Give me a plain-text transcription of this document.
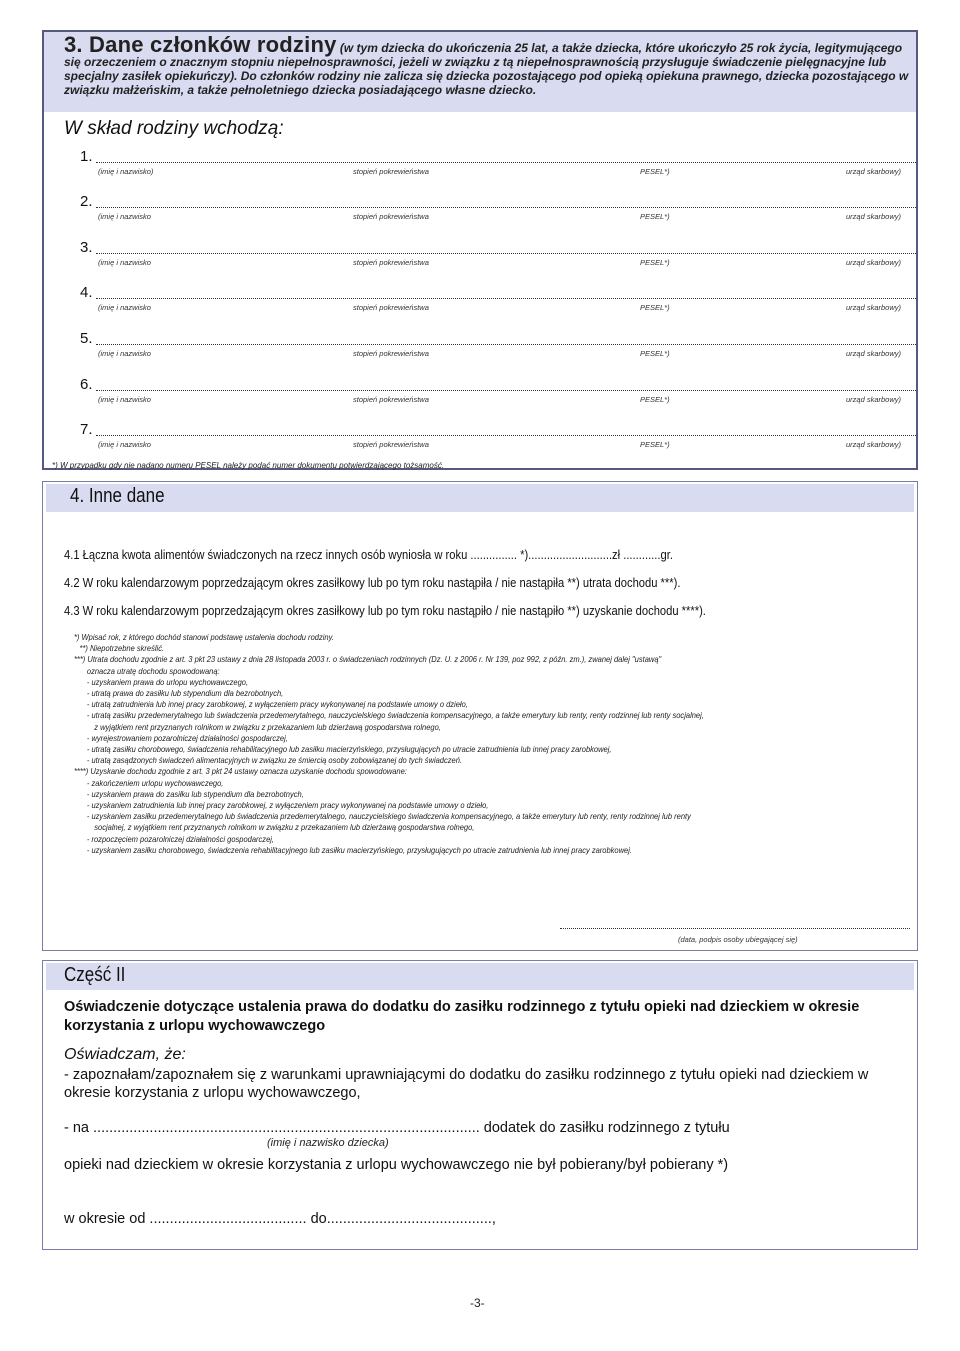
3. Dane członków rodziny (w tym dziecka do ukończenia 25 lat, a także dziecka, które ukończyło 25 rok życia, legitymującego się orzeczeniem o znacznym stopniu niepełnosprawności, jeżeli w związku z tą niepełnosprawnością przysługuje świadczenie pielęgnacyjne lub specjalny zasiłek opiekuńczy). Do członków rodziny nie zalicza się dziecka pozostającego pod opieką opiekuna prawnego, dziecka pozostającego w związku małżeńskim, a także pełnoletniego dziecka posiadającego własne dziecko.
W skład rodziny wchodzą:
1.
(imię i nazwisko)	stopień pokrewieństwa	PESEL*)	urząd skarbowy)
2.
(imię i nazwisko	stopień pokrewieństwa	PESEL*)	urząd skarbowy)
3.
(imię i nazwisko	stopień pokrewieństwa	PESEL*)	urząd skarbowy)
4.
(imię i nazwisko	stopień pokrewieństwa	PESEL*)	urząd skarbowy)
5.
(imię i nazwisko	stopień pokrewieństwa	PESEL*)	urząd skarbowy)
6.
(imię i nazwisko	stopień pokrewieństwa	PESEL*)	urząd skarbowy)
7.
(imię i nazwisko	stopień pokrewieństwa	PESEL*)	urząd skarbowy)
*) W przypadku gdy nie nadano numeru PESEL należy podać numer dokumentu potwierdzającego tożsamość.
4. Inne dane
4.1 Łączna kwota alimentów świadczonych na rzecz innych osób wyniosła w roku ............... *)...........................zł ............gr.
4.2 W roku kalendarzowym poprzedzającym okres zasiłkowy lub po tym roku nastąpiła / nie nastąpiła **) utrata dochodu ***).
4.3 W roku kalendarzowym poprzedzającym okres zasiłkowy lub po tym roku nastąpiło / nie nastąpiło **) uzyskanie dochodu ****).
*) Wpisać rok, z którego dochód stanowi podstawę ustalenia dochodu rodziny.
**) Niepotrzebne skreślić.
***) Utrata dochodu zgodnie z art. 3 pkt 23 ustawy z dnia 28 listopada 2003 r. o świadczeniach rodzinnych (Dz. U. z 2006 r. Nr 139, poz 992, z późn. zm.), zwanej dalej "ustawą"
oznacza utratę dochodu spowodowaną:
- uzyskaniem prawa do urlopu wychowawczego,
- utratą prawa do zasiłku lub stypendium dla bezrobotnych,
- utratą zatrudnienia lub innej pracy zarobkowej, z wyłączeniem pracy wykonywanej na podstawie umowy o dzieło,
- utratą zasiłku przedemerytalnego lub świadczenia przedemerytalnego, nauczycielskiego świadczenia kompensacyjnego, a także emerytury lub renty, renty rodzinnej lub renty socjalnej,
z wyjątkiem rent przyznanych rolnikom w związku z przekazaniem lub dzierżawą gospodarstwa rolnego,
- wyrejestrowaniem pozarolniczej działalności gospodarczej,
- utratą zasiłku chorobowego, świadczenia rehabilitacyjnego lub zasiłku macierzyńskiego, przysługujących po utracie zatrudnienia lub innej pracy zarobkowej,
- utratą zasądzonych świadczeń alimentacyjnych w związku ze śmiercią osoby zobowiązanej do tych świadczeń.
****) Uzyskanie dochodu zgodnie z art. 3 pkt 24 ustawy oznacza uzyskanie dochodu spowodowane:
- zakończeniem urlopu wychowawczego,
- uzyskaniem prawa do zasiłku lub stypendium dla bezrobotnych,
- uzyskaniem zatrudnienia lub innej pracy zarobkowej, z wyłączeniem pracy wykonywanej na podstawie umowy o dzieło,
- uzyskaniem zasiłku przedemerytalnego lub świadczenia przedemerytalnego, nauczycielskiego świadczenia kompensacyjnego, a także emerytury lub renty, renty rodzinnej lub renty
socjalnej, z wyjątkiem rent przyznanych rolnikom w związku z przekazaniem lub dzierżawą gospodarstwa rolnego,
- rozpoczęciem pozarolniczej działalności gospodarczej,
- uzyskaniem zasiłku chorobowego, świadczenia rehabilitacyjnego lub zasiłku macierzyńskiego, przysługujących po utracie zatrudnienia lub innej pracy zarobkowej.
(data, podpis osoby ubiegającej się)
Część II
Oświadczenie dotyczące ustalenia prawa do dodatku do zasiłku rodzinnego z tytułu opieki nad dzieckiem w okresie korzystania z urlopu wychowawczego
Oświadczam, że:
- zapoznałam/zapoznałem się z warunkami uprawniającymi do dodatku do zasiłku rodzinnego z tytułu opieki nad dzieckiem w okresie korzystania z urlopu wychowawczego,
- na ................................................................................................ dodatek do zasiłku rodzinnego z tytułu
(imię i nazwisko dziecka)
opieki nad dzieckiem w okresie korzystania z urlopu wychowawczego nie był pobierany/był pobierany *)
w okresie od ....................................... do.........................................,
-3-
